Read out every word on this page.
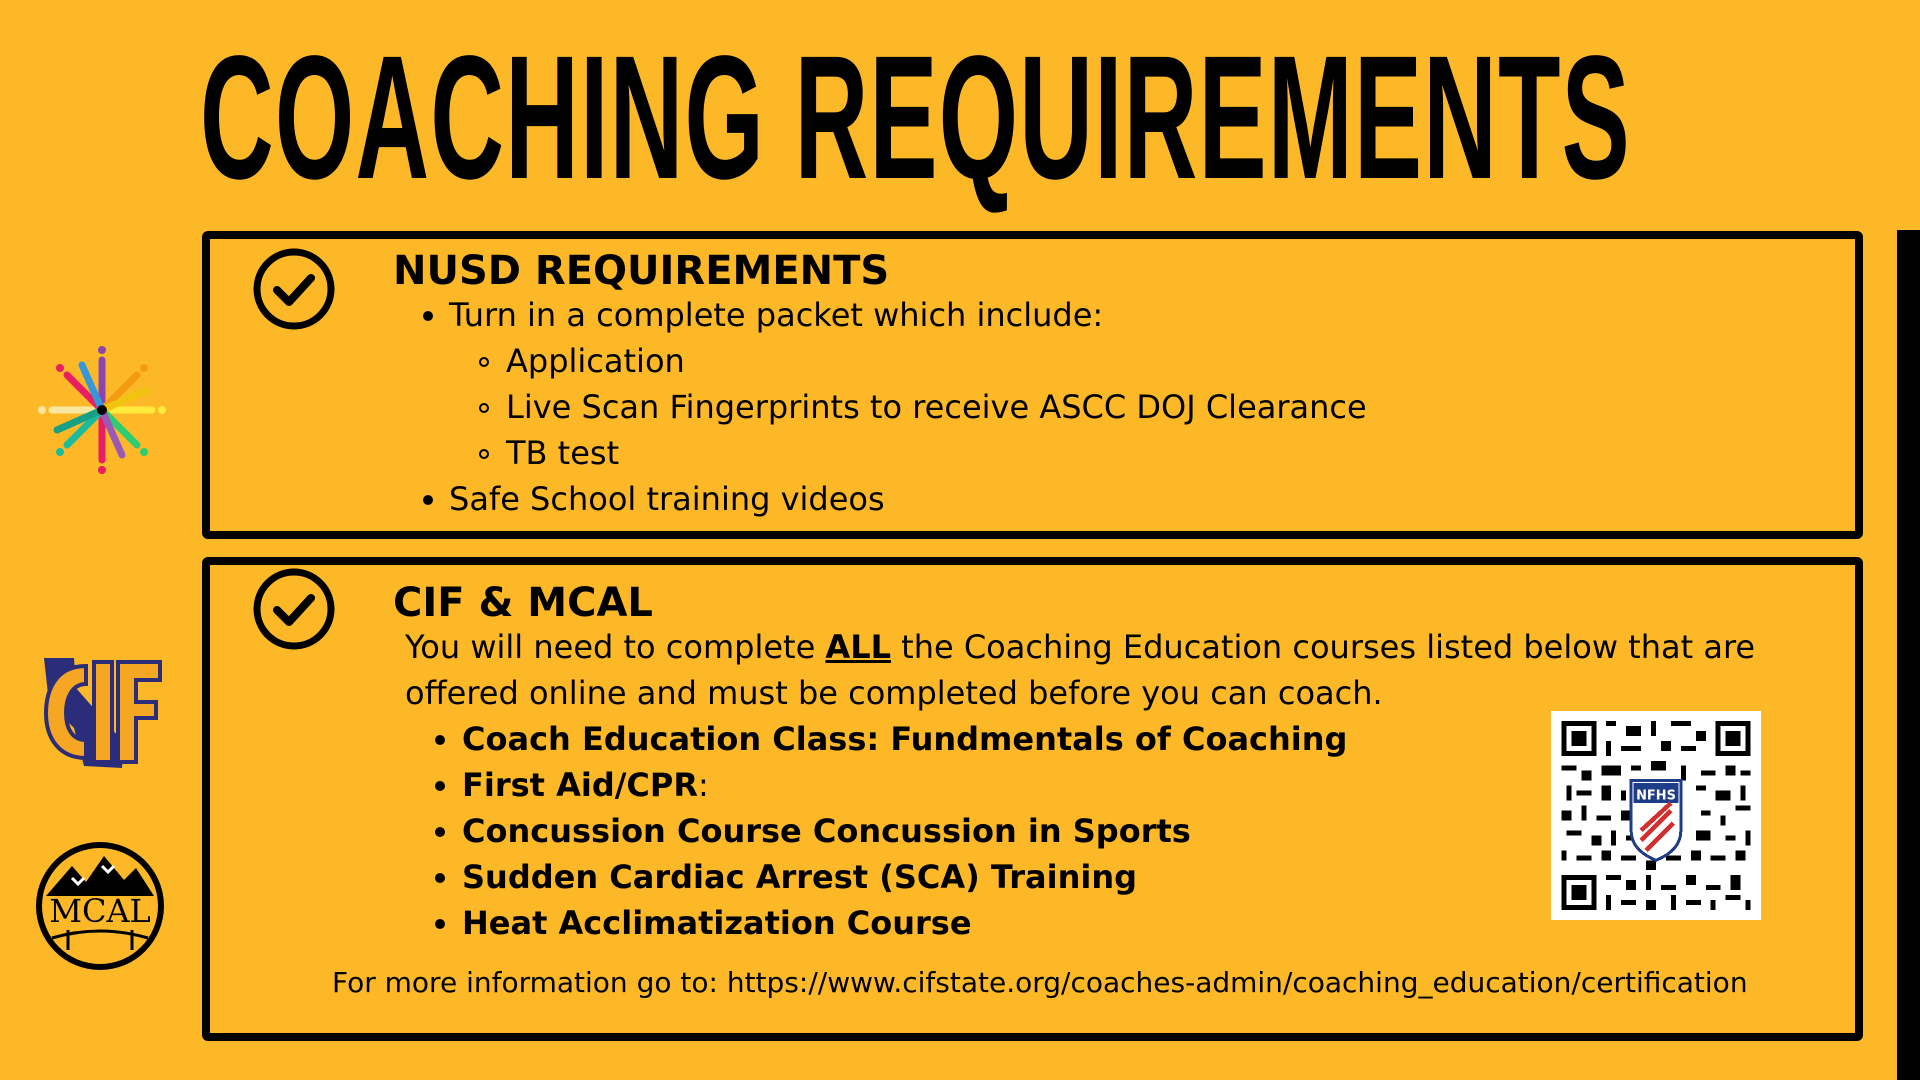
COACHING REQUIREMENTS
MCAL
NUSD REQUIREMENTS
Turn in a complete packet which include:
Application
Live Scan Fingerprints to receive ASCC DOJ Clearance
TB test
Safe School training videos
CIF & MCAL
You will need to complete ALL the Coaching Education courses listed below that are
offered online and must be completed before you can coach.
Coach Education Class: Fundmentals of Coaching
First Aid/CPR:
Concussion Course Concussion in Sports
Sudden Cardiac Arrest (SCA) Training
Heat Acclimatization Course
For more information go to: https://www.cifstate.org/coaches-admin/coaching_education/certification
NFHS
